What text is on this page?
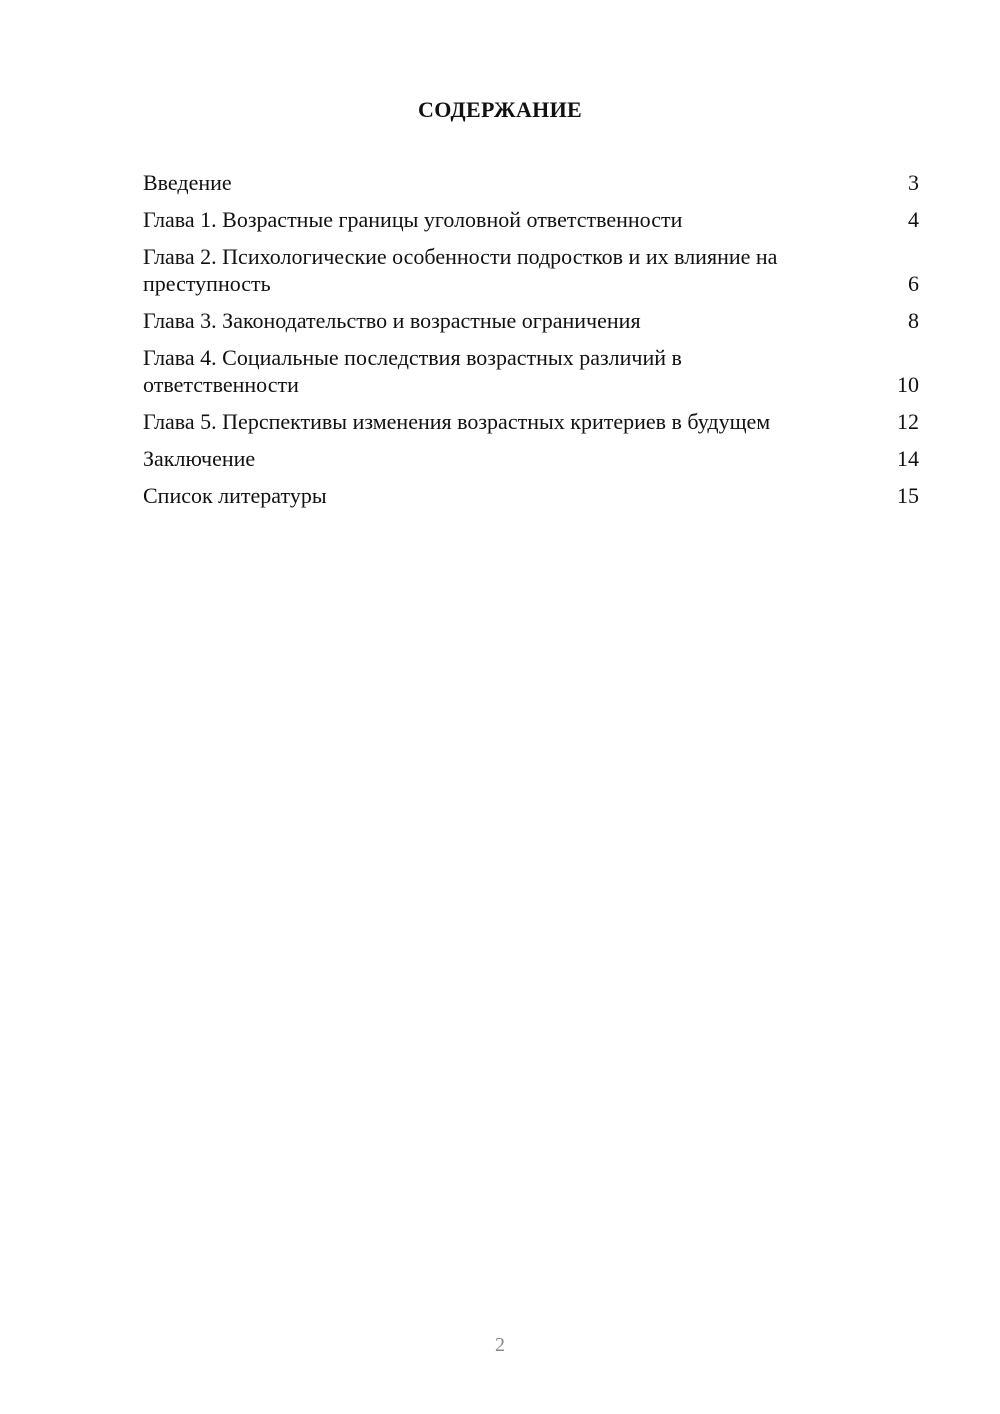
СОДЕРЖАНИЕ
Введение	3
Глава 1. Возрастные границы уголовной ответственности	4
Глава 2. Психологические особенности подростков и их влияние на преступность	6
Глава 3. Законодательство и возрастные ограничения	8
Глава 4. Социальные последствия возрастных различий в ответственности	10
Глава 5. Перспективы изменения возрастных критериев в будущем	12
Заключение	14
Список литературы	15
2
